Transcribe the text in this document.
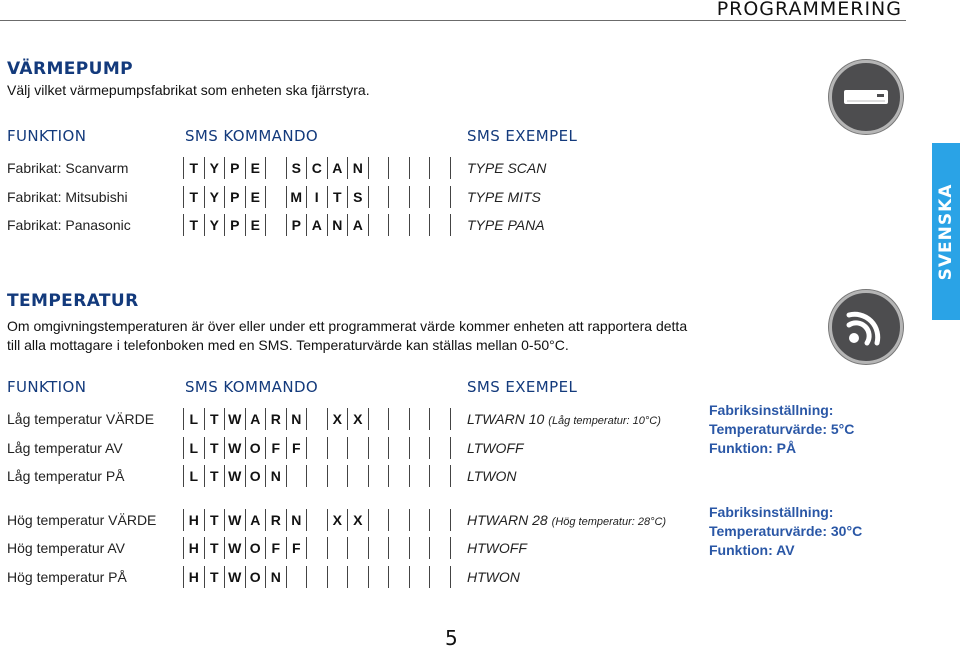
PROGRAMMERING
VÄRMEPUMP
Välj vilket värmepumpsfabrikat som enheten ska fjärrstyra.
FUNKTION	SMS KOMMANDO	SMS EXEMPEL
Fabrikat: Scanvarm	T Y P E	S C A N	TYPE SCAN
Fabrikat: Mitsubishi	T Y P E	M I	T S	TYPE MITS
Fabrikat: Panasonic	T Y P E	P A N A	TYPE PANA
TEMPERATUR
Om omgivningstemperaturen är över eller under ett programmerat värde kommer enheten att rapportera detta
till alla mottagare i telefonboken med en SMS. Temperaturvärde kan ställas mellan 0-50°C.
FUNKTION	SMS KOMMANDO	SMS EXEMPEL
Låg temperatur VÄRDE	L T W A R N	X X	LTWARN 10 (Låg temperatur: 10°C)
Låg temperatur AV	L T W O F F	LTWOFF
Låg temperatur PÅ	L T W O N	LTWON
Fabriksinställning:
Temperaturvärde: 5°C
Funktion: PÅ
Hög temperatur VÄRDE	H T W A R N	X X	HTWARN 28 (Hög temperatur: 28°C)
Hög temperatur AV	H T W O F F	HTWOFF
Hög temperatur PÅ	H T W O N	HTWON
Fabriksinställning:
Temperaturvärde: 30°C
Funktion: AV
SVENSKA
5
